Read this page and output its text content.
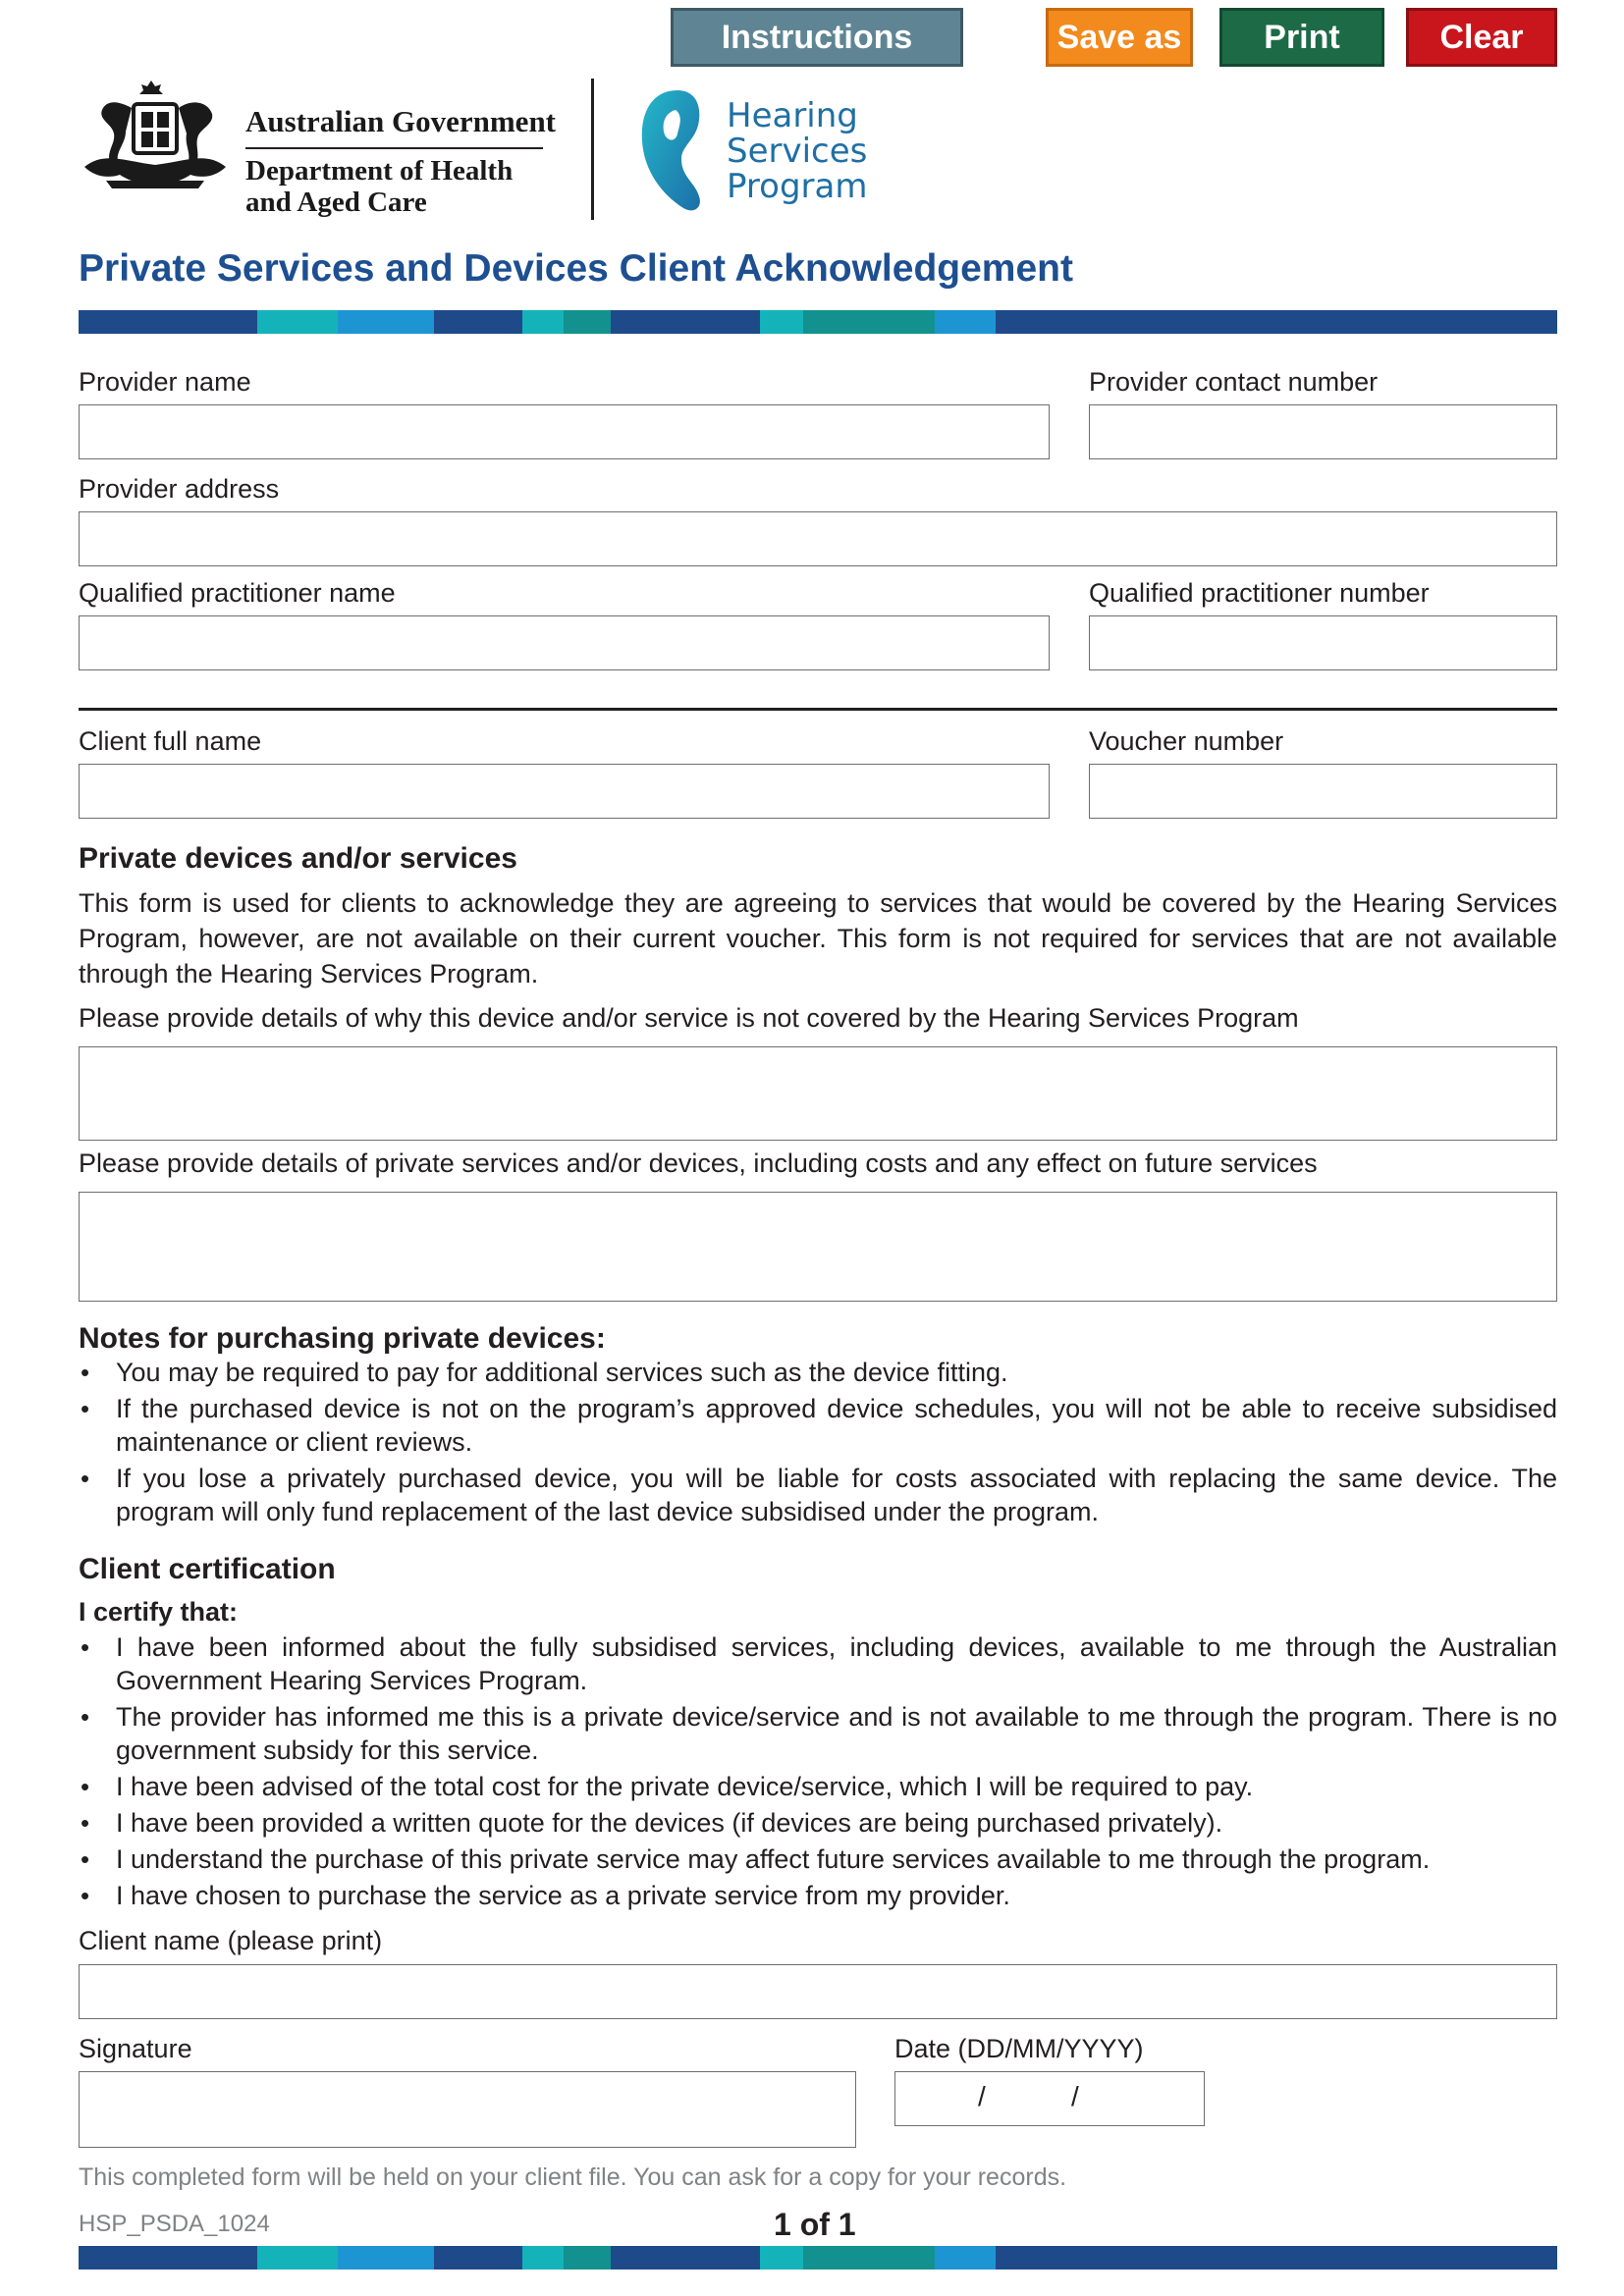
Instructions	Save as	Print	Clear
Australian Government
Department of Health
and Aged Care
Hearing
Services
Program
Private Services and Devices Client Acknowledgement
Provider name	Provider contact number
Provider address
Qualified practitioner name	Qualified practitioner number
Client full name	Voucher number
Private devices and/or services
This form is used for clients to acknowledge they are agreeing to services that would be covered by the Hearing Services Program, however, are not available on their current voucher. This form is not required for services that are not available through the Hearing Services Program.
Please provide details of why this device and/or service is not covered by the Hearing Services Program
Please provide details of private services and/or devices, including costs and any effect on future services
Notes for purchasing private devices:
• You may be required to pay for additional services such as the device fitting.
• If the purchased device is not on the program’s approved device schedules, you will not be able to receive subsidised maintenance or client reviews.
• If you lose a privately purchased device, you will be liable for costs associated with replacing the same device. The program will only fund replacement of the last device subsidised under the program.
Client certification
I certify that:
• I have been informed about the fully subsidised services, including devices, available to me through the Australian Government Hearing Services Program.
• The provider has informed me this is a private device/service and is not available to me through the program. There is no government subsidy for this service.
• I have been advised of the total cost for the private device/service, which I will be required to pay.
• I have been provided a written quote for the devices (if devices are being purchased privately).
• I understand the purchase of this private service may affect future services available to me through the program.
• I have chosen to purchase the service as a private service from my provider.
Client name (please print)
Signature	Date (DD/MM/YYYY)
/	/
This completed form will be held on your client file. You can ask for a copy for your records.
HSP_PSDA_1024	1 of 1
